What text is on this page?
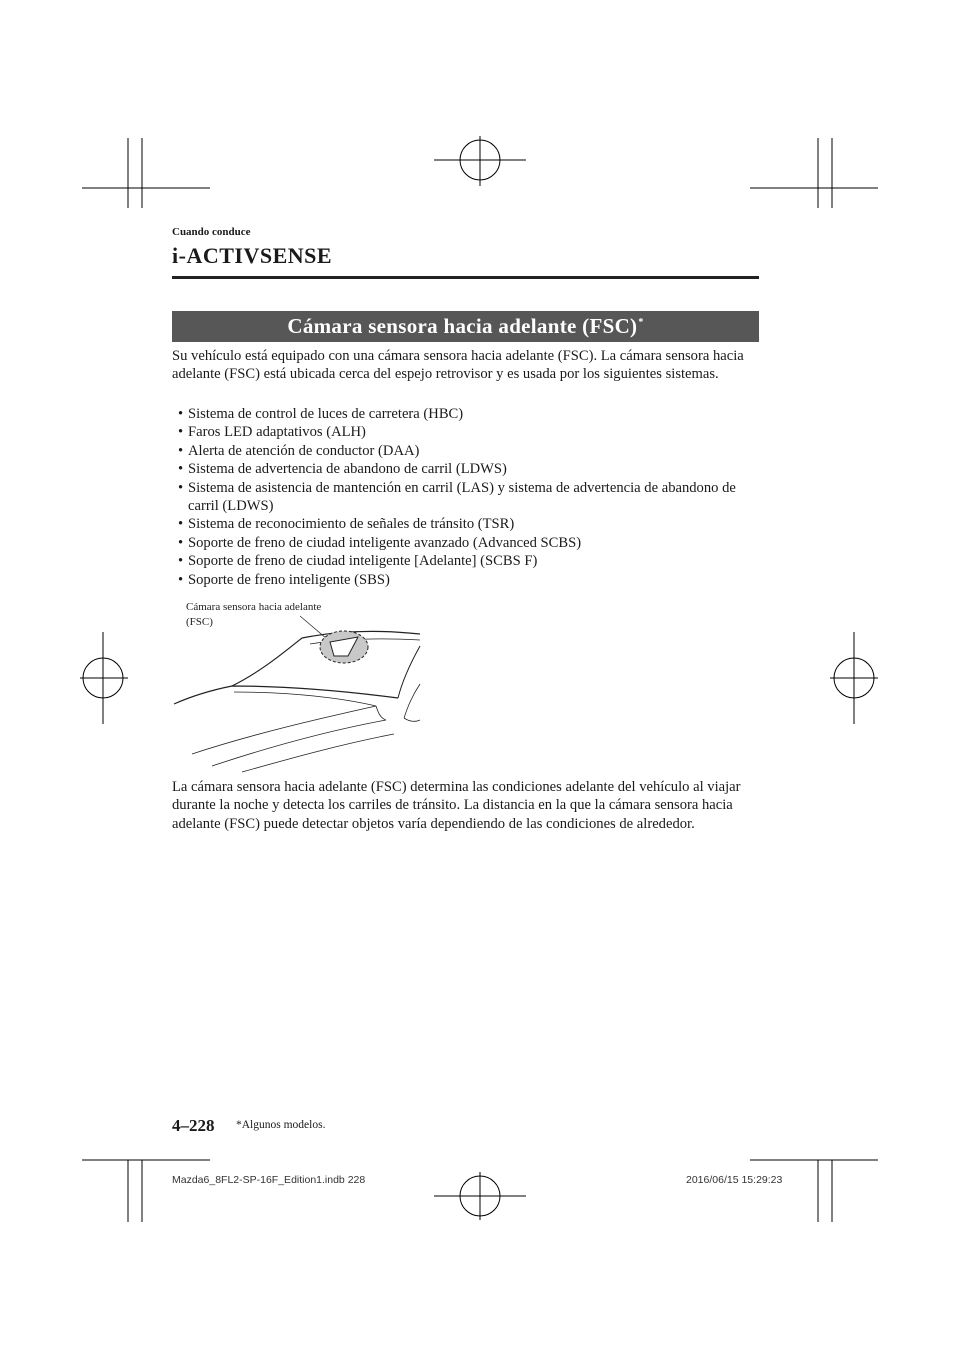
Cuando conduce
i-ACTIVSENSE
Cámara sensora hacia adelante (FSC)*
Su vehículo está equipado con una cámara sensora hacia adelante (FSC). La cámara sensora hacia adelante (FSC) está ubicada cerca del espejo retrovisor y es usada por los siguientes sistemas.
• Sistema de control de luces de carretera (HBC)
• Faros LED adaptativos (ALH)
• Alerta de atención de conductor (DAA)
• Sistema de advertencia de abandono de carril (LDWS)
• Sistema de asistencia de mantención en carril (LAS) y sistema de advertencia de abandono de carril (LDWS)
• Sistema de reconocimiento de señales de tránsito (TSR)
• Soporte de freno de ciudad inteligente avanzado (Advanced SCBS)
• Soporte de freno de ciudad inteligente [Adelante] (SCBS F)
• Soporte de freno inteligente (SBS)
Cámara sensora hacia adelante
(FSC)
La cámara sensora hacia adelante (FSC) determina las condiciones adelante del vehículo al viajar durante la noche y detecta los carriles de tránsito. La distancia en la que la cámara sensora hacia adelante (FSC) puede detectar objetos varía dependiendo de las condiciones de alrededor.
4–228 *Algunos modelos.
Mazda6_8FL2-SP-16F_Edition1.indb 228	2016/06/15 15:29:23
